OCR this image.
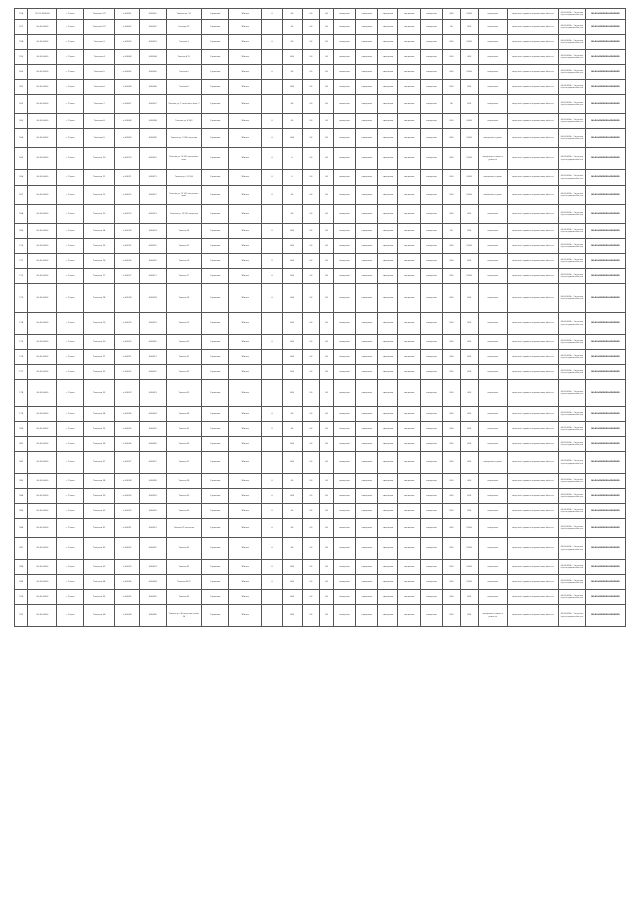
156	01.01.000000	г. Томск	Томская 1/1	п.00001	000001	Томская ул. 1/1	Строение	Жилое	0	00	00	00	сведения	сведения	сведения	сведения	сведения	000	0000	сведения	сведения о правах и ограничениях объекта	00.00.0000 г. Сведения о регистрации объекта	00:00:0000000:0000000
157	00.00.0000	г. Томск	Томская 2/1	п.00002	000002	Томская 2/1	Строение	Жилое		00	00	00	сведения	сведения	сведения	сведения	сведения	00	000	сведения	сведения о правах и ограничениях объекта	00.00.0000 г. Сведения о регистрации объекта	00:00:0000000:0000000
158	00.00.0000	г. Томск	Томская 3	п.00003	000003	Томская 3	Строение	Жилое	0	00	00	00	сведения	сведения	сведения	сведения	сведения	000	0000	сведения	сведения о правах и ограничениях объекта	00.00.0000 г. Сведения о регистрации объекта	00:00:0000000:0000000
159	00.00.0000	г. Томск	Томская 4	п.00004	000004	Томская 4 (1)	Строение	Жилое		000	00	00	сведения	сведения	сведения	сведения	сведения	000	000	сведения	сведения о правах и ограничениях объекта	00.00.0000 г. Сведения о регистрации объекта	00:00:0000000:0000000
160	00.00.0000	г. Томск	Томская 5	п.00005	000005	Томская 5	Строение	Жилое	0	00	00	00	сведения	сведения	сведения	сведения	сведения	000	0000	сведения	сведения о правах и ограничениях объекта	00.00.0000 г. Сведения о регистрации объекта	00:00:0000000:0000000
161	00.00.0000	г. Томск	Томская 6	п.00006	000006	Томская 6	Строение	Жилое		000	00	00	сведения	сведения	сведения	сведения	сведения	000	000	сведения	сведения о правах и ограничениях объекта	00.00.0000 г. Сведения о регистрации объекта	00:00:0000000:0000000
162	00.00.0000	г. Томск	Томская 7	п.00007	000007	Томская ул. 7 сведения о доме 7	Строение	Жилое		00	00	00	сведения	сведения	сведения	сведения	сведения	00	000	сведения	сведения о правах и ограничениях объекта	00.00.0000 г. Сведения о регистрации объекта	00:00:0000000:0000000
163	00.00.0000	г. Томск	Томская 8	п.00008	000008	Томская ул. 8 (00)	Строение	Жилое	0	00	00	00	сведения	сведения	сведения	сведения	сведения	000	0000	сведения	сведения о правах и ограничениях объекта	00.00.0000 г. Сведения о регистрации объекта	00:00:0000000:0000000
164	00.00.0000	г. Томск	Томская 9	п.00009	000009	Томская ул. 9 (00) сведения	Строение	Жилое	0	000	00	00	сведения	сведения	сведения	сведения	сведения	000	0000	сведения о доме	сведения о правах и ограничениях объекта	00.00.0000 г. Сведения о регистрации объекта	00:00:0000000:0000000
165	00.00.0000	г. Томск	Томская 10	п.00010	000010	Томская ул. 10 (00) сведения о доме	Строение	Жилое	0	0	00	00	сведения	сведения	сведения	сведения	сведения	000	0000	сведения о доме и участке	сведения о правах и ограничениях объекта	00.00.0000 г. Сведения о регистрации объекта	00:00:0000000:0000000
166	00.00.0000	г. Томск	Томская 11	п.00011	000011	Томская ул. 11 (00)	Строение	Жилое	0	0	00	00	сведения	сведения	сведения	сведения	сведения	000	0000	сведения о доме	сведения о правах и ограничениях объекта	00.00.0000 г. Сведения о регистрации объекта	00:00:0000000:0000000
167	00.00.0000	г. Томск	Томская 12	п.00012	000012	Томская ул. 12 (00) сведения о доме	Строение	Жилое	0	00	00	00	сведения	сведения	сведения	сведения	сведения	000	0000	сведения о доме	сведения о правах и ограничениях объекта	00.00.0000 г. Сведения о регистрации объекта	00:00:0000000:0000000
168	00.00.0000	г. Томск	Томская 13	п.00013	000013	Томская ул. 13 (00) сведения	Строение	Жилое		00	00	00	сведения	сведения	сведения	сведения	сведения	000	000	сведения	сведения о правах и ограничениях объекта	00.00.0000 г. Сведения о регистрации объекта	00:00:0000000:0000000
169	00.00.0000	г. Томск	Томская 14	п.00014	000014	Томская 14	Строение	Жилое	0	000	00	00	сведения	сведения	сведения	сведения	сведения	00	000	сведения	сведения о правах и ограничениях объекта	00.00.0000 г. Сведения о регистрации объекта	00:00:0000000:0000000
170	00.00.0000	г. Томск	Томская 15	п.00015	000015	Томская 15	Строение	Жилое		000	00	00	сведения	сведения	сведения	сведения	сведения	000	0000	сведения	сведения о правах и ограничениях объекта	00.00.0000 г. Сведения о регистрации объекта	00:00:0000000:0000000
171	00.00.0000	г. Томск	Томская 16	п.00016	000016	Томская 16	Строение	Жилое	0	000	00	00	сведения	сведения	сведения	сведения	сведения	000	000	сведения	сведения о правах и ограничениях объекта	00.00.0000 г. Сведения о регистрации объекта	00:00:0000000:0000000
172	00.00.0000	г. Томск	Томская 17	п.00017	000017	Томская 17	Строение	Жилое	0	000	00	00	сведения	сведения	сведения	сведения	сведения	000	0000	сведения	сведения о правах и ограничениях объекта	00.00.0000 г. Сведения о регистрации объекта	00:00:0000000:0000000
173	00.00.0000	г. Томск	Томская 18	п.00018	000018	Томская 18	Строение	Жилое	0	000	00	00	сведения	сведения	сведения	сведения	сведения	000	000	сведения	сведения о правах и ограничениях объекта	00.00.0000 г. Сведения о регистрации объекта	00:00:0000000:0000000
174	00.00.0000	г. Томск	Томская 19	п.00019	000019	Томская 19	Строение	Жилое		000	00	00	сведения	сведения	сведения	сведения	сведения	000	000	сведения	сведения о правах и ограничениях объекта	00.00.0000 г. Сведения о регистрации объекта	00:00:0000000:0000000
175	00.00.0000	г. Томск	Томская 20	п.00020	000020	Томская 20	Строение	Жилое	0	000	00	00	сведения	сведения	сведения	сведения	сведения	000	000	сведения	сведения о правах и ограничениях объекта	00.00.0000 г. Сведения о регистрации объекта	00:00:0000000:0000000
176	00.00.0000	г. Томск	Томская 21	п.00021	000021	Томская 21	Строение	Жилое		000	00	00	сведения	сведения	сведения	сведения	сведения	000	000	сведения	сведения о правах и ограничениях объекта	00.00.0000 г. Сведения о регистрации объекта	00:00:0000000:0000000
177	00.00.0000	г. Томск	Томская 22	п.00022	000022	Томская 22	Строение	Жилое		000	00	00	сведения	сведения	сведения	сведения	сведения	000	000	сведения	сведения о правах и ограничениях объекта	00.00.0000 г. Сведения о регистрации объекта	00:00:0000000:0000000
178	00.00.0000	г. Томск	Томская 23	п.00023	000023	Томская 23	Строение	Жилое		000	00	00	сведения	сведения	сведения	сведения	сведения	000	000	сведения	сведения о правах и ограничениях объекта	00.00.0000 г. Сведения о регистрации объекта	00:00:0000000:0000000
179	00.00.0000	г. Томск	Томская 24	п.00024	000024	Томская 24	Строение	Жилое	0	00	00	00	сведения	сведения	сведения	сведения	сведения	000	000	сведения	сведения о правах и ограничениях объекта	00.00.0000 г. Сведения о регистрации объекта	00:00:0000000:0000000
180	00.00.0000	г. Томск	Томская 25	п.00025	000025	Томская 25	Строение	Жилое	0	00	00	00	сведения	сведения	сведения	сведения	сведения	000	000	сведения	сведения о правах и ограничениях объекта	00.00.0000 г. Сведения о регистрации объекта	00:00:0000000:0000000
181	00.00.0000	г. Томск	Томская 26	п.00026	000026	Томская 26	Строение	Жилое		000	00	00	сведения	сведения	сведения	сведения	сведения	000	000	сведения	сведения о правах и ограничениях объекта	00.00.0000 г. Сведения о регистрации объекта	00:00:0000000:0000000
182	00.00.0000	г. Томск	Томская 27	п.00027	000027	Томская 27	Строение	Жилое		000	00	00	сведения	сведения	сведения	сведения	сведения	000	000	сведения о доме	сведения о правах и ограничениях объекта	00.00.0000 г. Сведения о регистрации объекта	00:00:0000000:0000000
183	00.00.0000	г. Томск	Томская 28	п.00028	000028	Томская 28	Строение	Жилое	0	00	00	00	сведения	сведения	сведения	сведения	сведения	000	000	сведения	сведения о правах и ограничениях объекта	00.00.0000 г. Сведения о регистрации объекта	00:00:0000000:0000000
184	00.00.0000	г. Томск	Томская 29	п.00029	000029	Томская 29	Строение	Жилое	0	000	00	00	сведения	сведения	сведения	сведения	сведения	000	000	сведения	сведения о правах и ограничениях объекта	00.00.0000 г. Сведения о регистрации объекта	00:00:0000000:0000000
185	00.00.0000	г. Томск	Томская 30	п.00030	000030	Томская 30	Строение	Жилое	0	00	00	00	сведения	сведения	сведения	сведения	сведения	000	000	сведения	сведения о правах и ограничениях объекта	00.00.0000 г. Сведения о регистрации объекта	00:00:0000000:0000000
186	00.00.0000	г. Томск	Томская 31	п.00031	000031	Томская 31 сведения	Строение	Жилое	0	00	00	00	сведения	сведения	сведения	сведения	сведения	000	0000	сведения	сведения о правах и ограничениях объекта	00.00.0000 г. Сведения о регистрации объекта	00:00:0000000:0000000
187	00.00.0000	г. Томск	Томская 32	п.00032	000032	Томская 32	Строение	Жилое	0	00	00	00	сведения	сведения	сведения	сведения	сведения	000	0000	сведения	сведения о правах и ограничениях объекта	00.00.0000 г. Сведения о регистрации объекта	00:00:0000000:0000000
188	00.00.0000	г. Томск	Томская 33	п.00033	000033	Томская 33	Строение	Жилое	0	000	00	00	сведения	сведения	сведения	сведения	сведения	000	0000	сведения	сведения о правах и ограничениях объекта	00.00.0000 г. Сведения о регистрации объекта	00:00:0000000:0000000
189	00.00.0000	г. Томск	Томская 34	п.00034	000034	Томская 34 (1)	Строение	Жилое	0	000	00	00	сведения	сведения	сведения	сведения	сведения	000	0000	сведения	сведения о правах и ограничениях объекта	00.00.0000 г. Сведения о регистрации объекта	00:00:0000000:0000000
190	00.00.0000	г. Томск	Томская 35	п.00035	000035	Томская 35	Строение	Жилое		000	00	00	сведения	сведения	сведения	сведения	сведения	000	000	сведения	сведения о правах и ограничениях объекта	00.00.0000 г. Сведения о регистрации объекта	00:00:0000000:0000000
191	00.00.0000	г. Томск	Томская 36	п.00036	000036	Томская ул. 36 сведения о доме 36	Строение	Жилое		000	00	00	сведения	сведения	сведения	сведения	сведения	000	000	сведения о доме и участке	сведения о правах и ограничениях объекта	00.00.0000 г. Сведения о регистрации объекта	00:00:0000000:0000000
